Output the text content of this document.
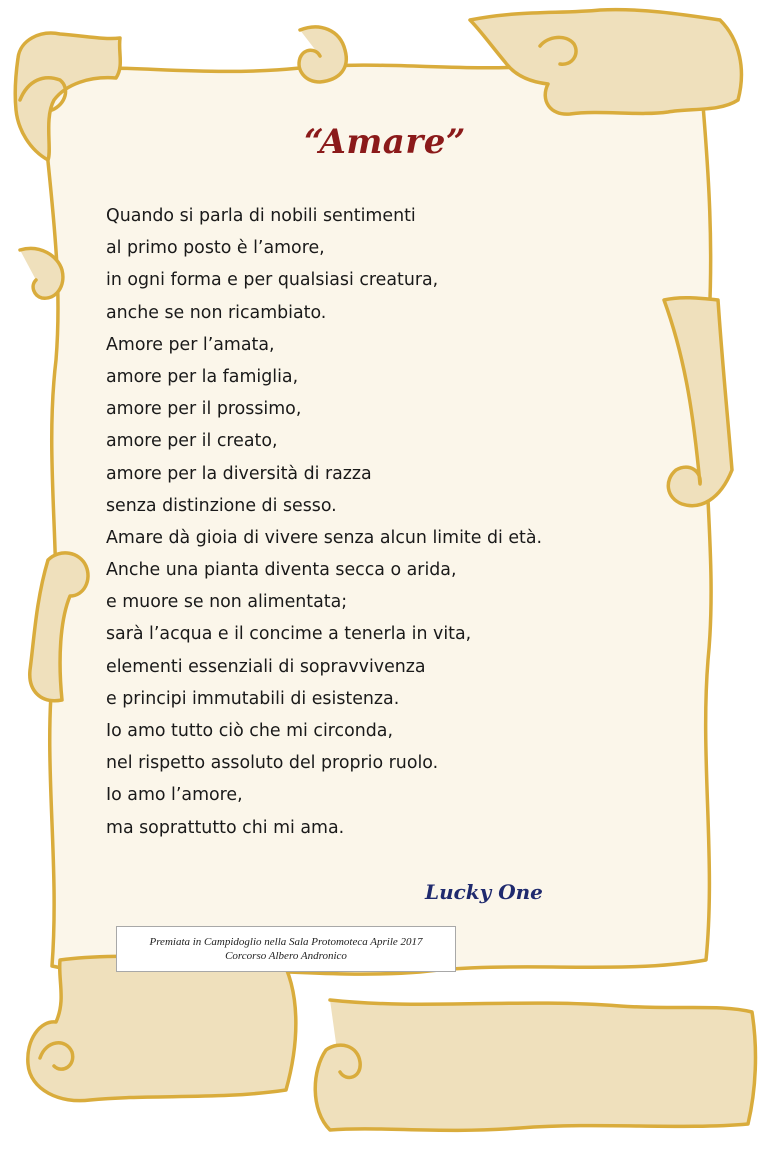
“Amare”
Quando si parla di nobili sentimenti
al primo posto è l’amore,
in ogni forma e per qualsiasi creatura,
anche se non ricambiato.
Amore per l’amata,
amore per la famiglia,
amore per il prossimo,
amore per il creato,
amore per la diversità di razza
senza distinzione di sesso.
Amare dà gioia di vivere senza alcun limite di età.
Anche una pianta diventa secca o arida,
e muore se non alimentata;
sarà l’acqua e il concime a tenerla in vita,
elementi essenziali di sopravvivenza
e principi immutabili di esistenza.
Io amo tutto ciò che mi circonda,
nel rispetto assoluto del proprio ruolo.
Io amo l’amore,
ma soprattutto chi mi ama.
Lucky One
Premiata in Campidoglio nella Sala Protomoteca Aprile 2017
Corcorso Albero Andronico
